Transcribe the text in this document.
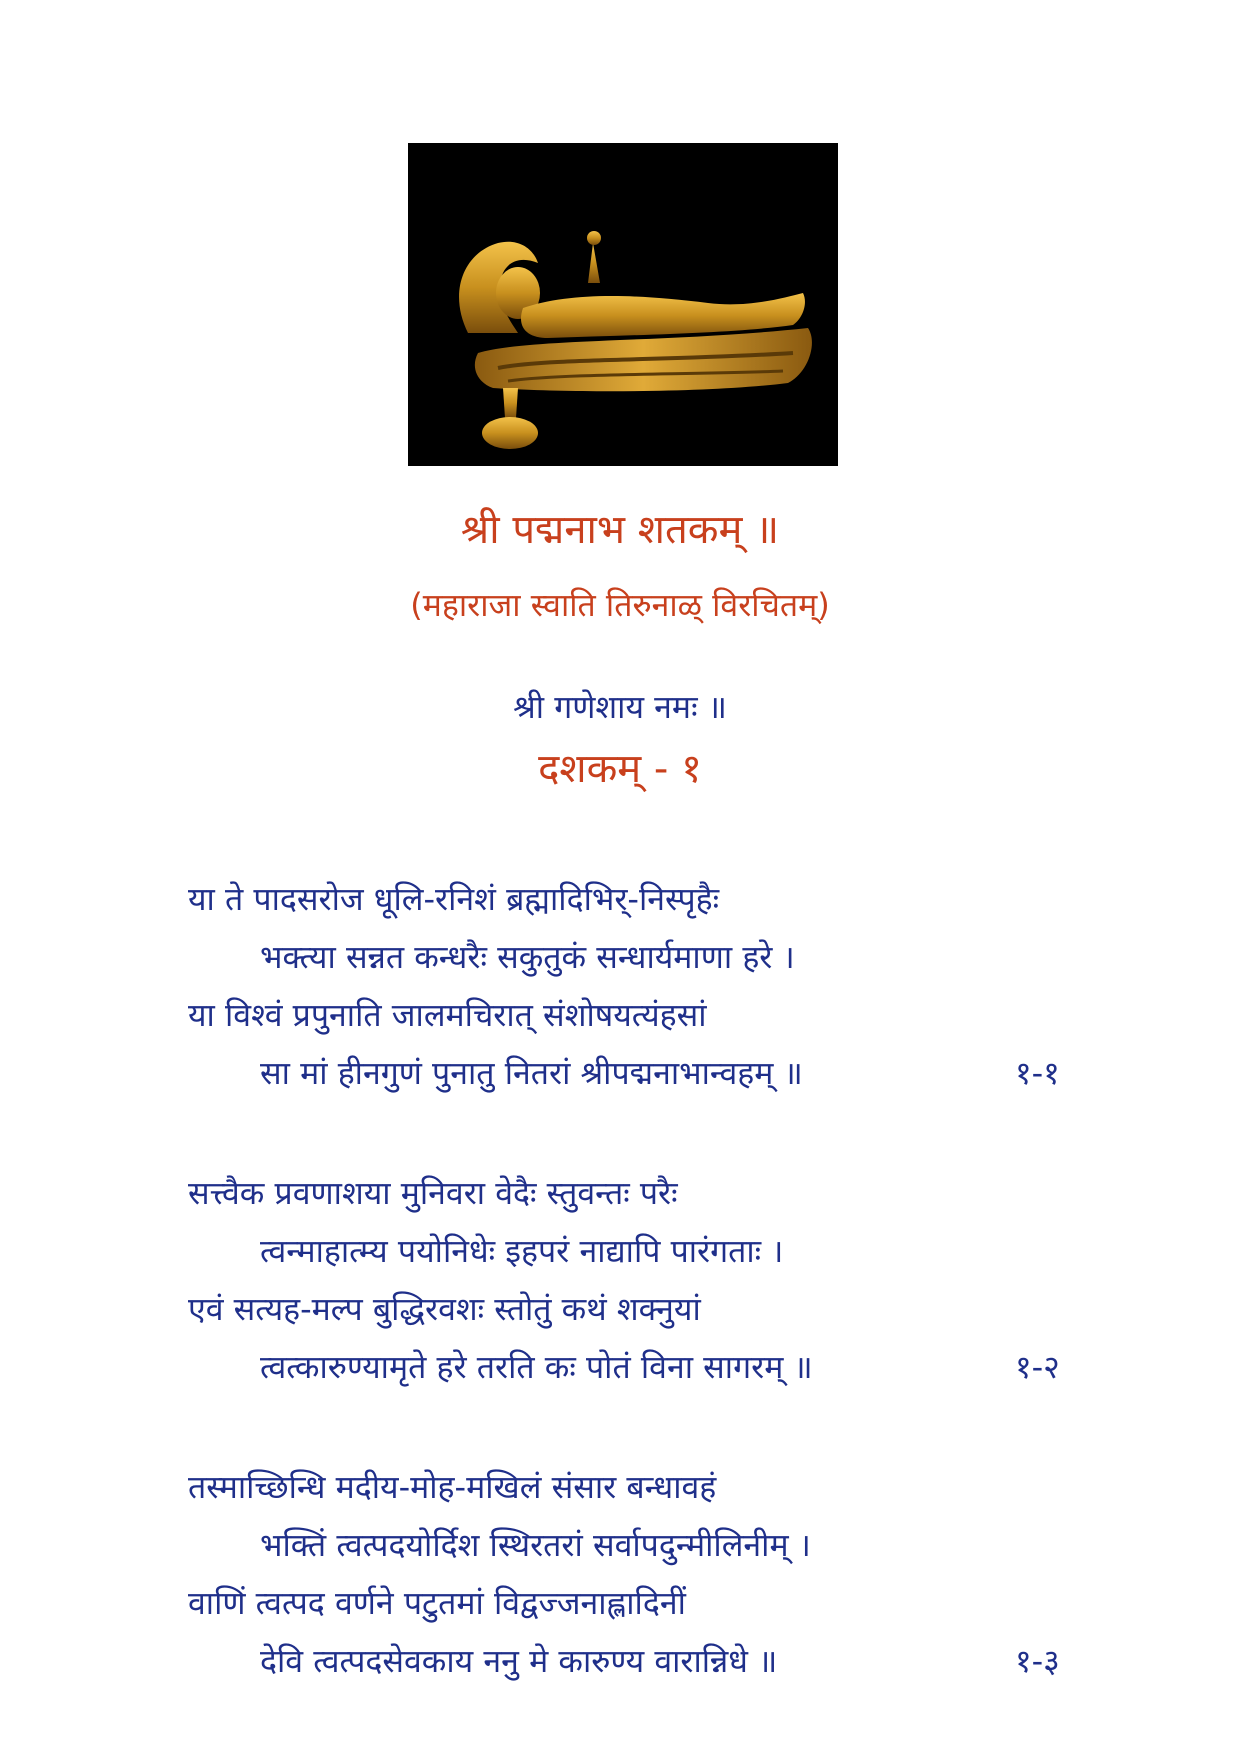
श्री पद्मनाभ शतकम् ॥
(महाराजा स्वाति तिरुनाळ् विरचितम्)
श्री गणेशाय नमः ॥
दशकम् - १
या ते पादसरोज धूलि-रनिशं ब्रह्मादिभिर्-निस्पृहैः
भक्त्या सन्नत कन्धरैः सकुतुकं सन्धार्यमाणा हरे ।
या विश्वं प्रपुनाति जालमचिरात् संशोषयत्यंहसां
सा मां हीनगुणं पुनातु नितरां श्रीपद्मनाभान्वहम् ॥	१-१
सत्त्वैक प्रवणाशया मुनिवरा वेदैः स्तुवन्तः परैः
त्वन्माहात्म्य पयोनिधेः इहपरं नाद्यापि पारंगताः ।
एवं सत्यह-मल्प बुद्धिरवशः स्तोतुं कथं शक्नुयां
त्वत्कारुण्यामृते हरे तरति कः पोतं विना सागरम् ॥	१-२
तस्माच्छिन्धि मदीय-मोह-मखिलं संसार बन्धावहं
भक्तिं त्वत्पदयोर्दिश स्थिरतरां सर्वापदुन्मीलिनीम् ।
वाणिं त्वत्पद वर्णने पटुतमां विद्वज्जनाह्लादिनीं
देवि त्वत्पदसेवकाय ननु मे कारुण्य वारान्निधे ॥	१-३
